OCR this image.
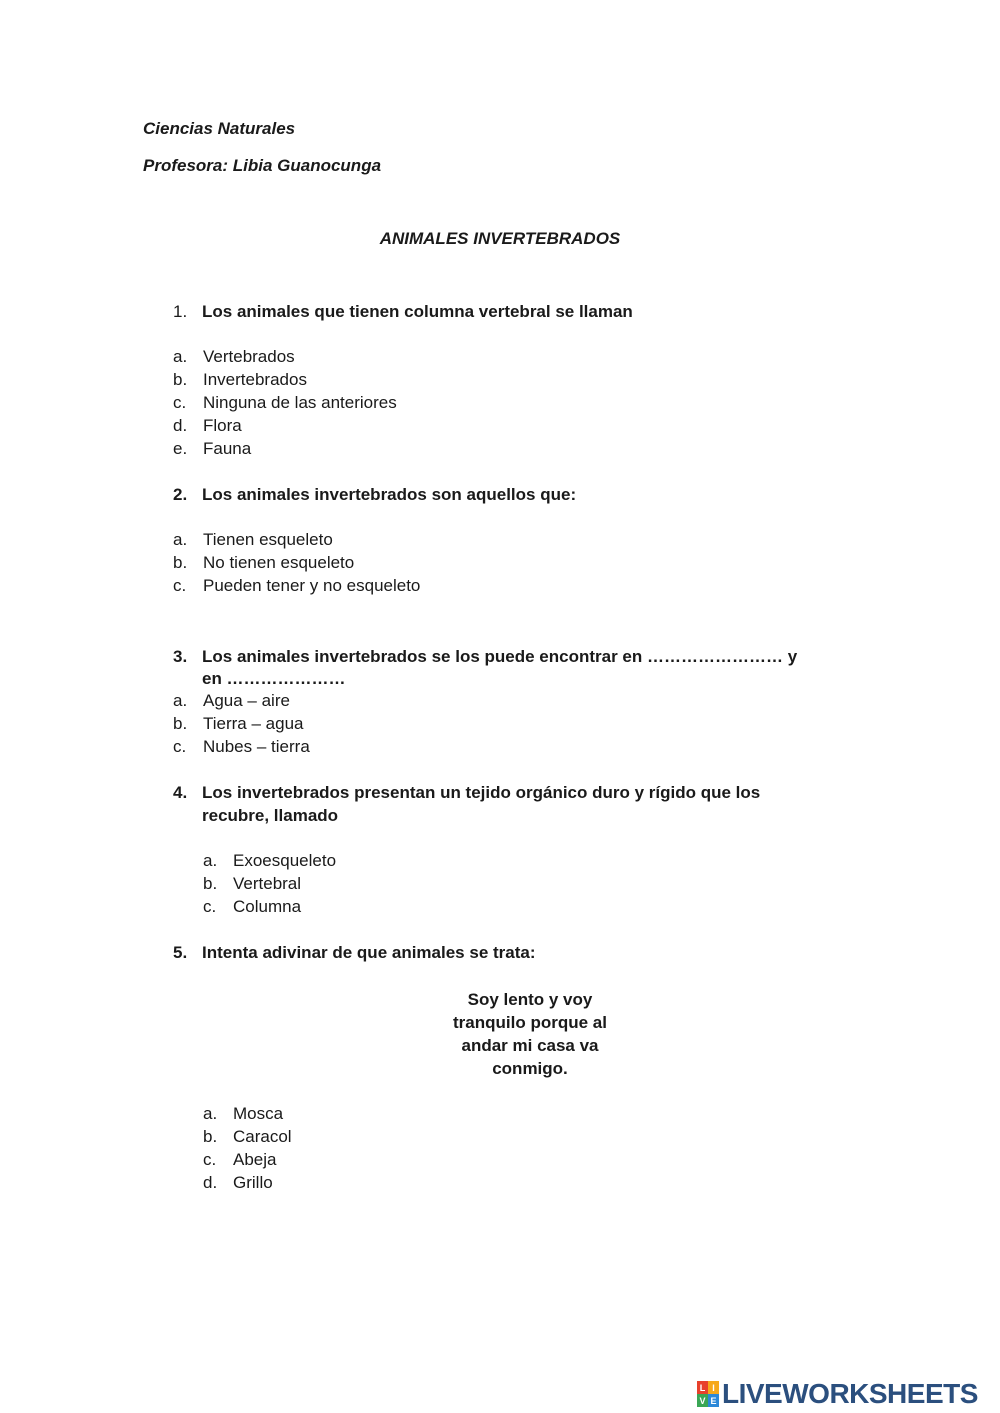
Ciencias Naturales
Profesora: Libia Guanocunga
ANIMALES INVERTEBRADOS
1. Los animales que tienen columna vertebral se llaman
a. Vertebrados
b. Invertebrados
c. Ninguna de las anteriores
d. Flora
e. Fauna
2. Los animales invertebrados son aquellos que:
a. Tienen esqueleto
b. No tienen esqueleto
c. Pueden tener y no esqueleto
3. Los animales invertebrados se los puede encontrar en …………………… y
en …………………
a. Agua – aire
b. Tierra – agua
c. Nubes – tierra
4. Los invertebrados presentan un tejido orgánico duro y rígido que los
recubre, llamado
a. Exoesqueleto
b. Vertebral
c. Columna
5. Intenta adivinar de que animales se trata:
Soy lento y voy
tranquilo porque al
andar mi casa va
conmigo.
a. Mosca
b. Caracol
c. Abeja
d. Grillo
L I
V E LIVEWORKSHEETS
